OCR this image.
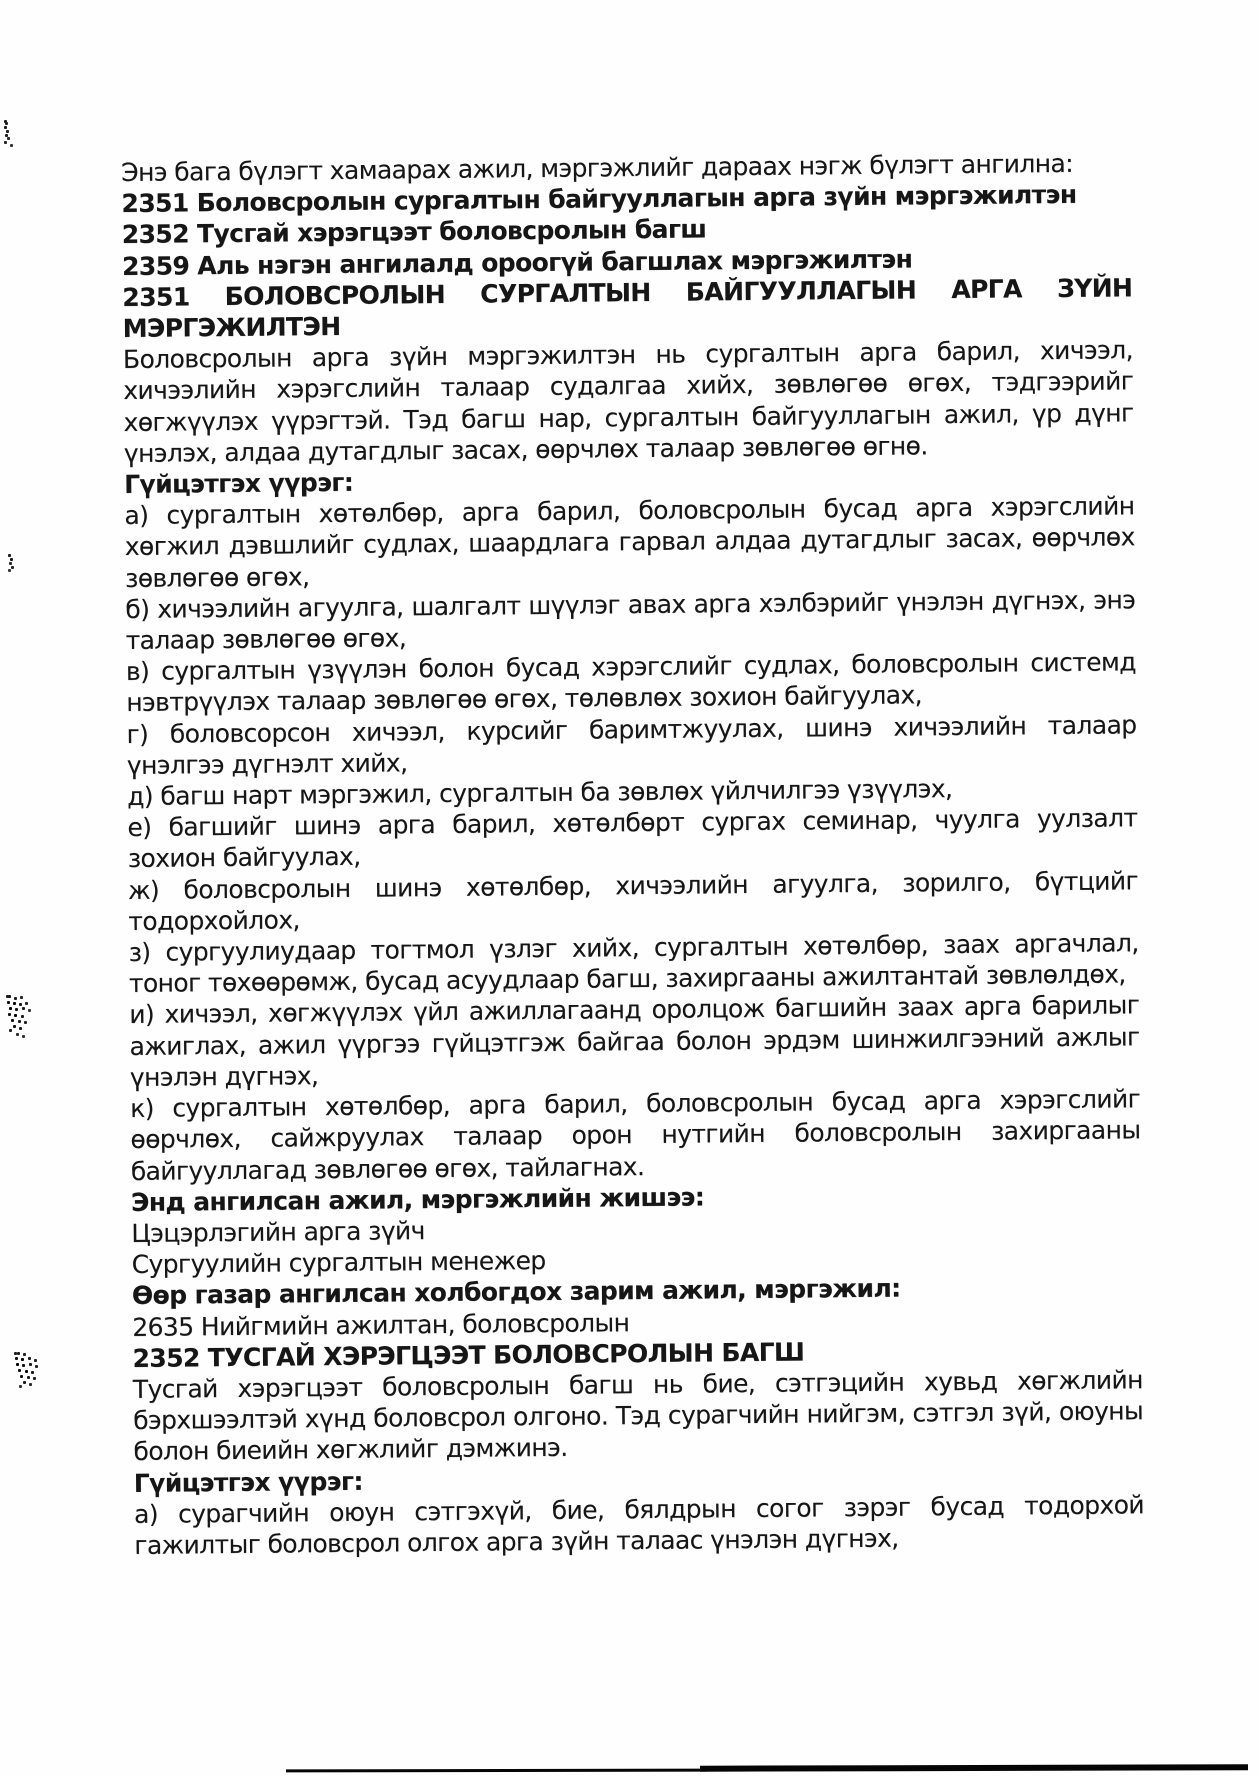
Энэ бага бүлэгт хамаарах ажил, мэргэжлийг дараах нэгж бүлэгт ангилна:

2351 Боловсролын сургалтын байгууллагын арга зүйн мэргэжилтэн

2352 Тусгай хэрэгцээт боловсролын багш

2359 Аль нэгэн ангилалд ороогүй багшлах мэргэжилтэн

2351 БОЛОВСРОЛЫН СУРГАЛТЫН БАЙГУУЛЛАГЫН АРГА ЗҮЙН МЭРГЭЖИЛТЭН

Боловсролын арга зүйн мэргэжилтэн нь сургалтын арга барил, хичээл, хичээлийн хэрэгслийн талаар судалгаа хийх, зөвлөгөө өгөх, тэдгээрийг хөгжүүлэх үүрэгтэй. Тэд багш нар, сургалтын байгууллагын ажил, үр дүнг үнэлэх, алдаа дутагдлыг засах, өөрчлөх талаар зөвлөгөө өгнө.

Гүйцэтгэх үүрэг:

а) сургалтын хөтөлбөр, арга барил, боловсролын бусад арга хэрэгслийн хөгжил дэвшлийг судлах, шаардлага гарвал алдаа дутагдлыг засах, өөрчлөх зөвлөгөө өгөх,

б) хичээлийн агуулга, шалгалт шүүлэг авах арга хэлбэрийг үнэлэн дүгнэх, энэ талаар зөвлөгөө өгөх,

в) сургалтын үзүүлэн болон бусад хэрэгслийг судлах, боловсролын системд нэвтрүүлэх талаар зөвлөгөө өгөх, төлөвлөх зохион байгуулах,

г) боловсорсон хичээл, курсийг баримтжуулах, шинэ хичээлийн талаар үнэлгээ дүгнэлт хийх,

д) багш нарт мэргэжил, сургалтын ба зөвлөх үйлчилгээ үзүүлэх,

е) багшийг шинэ арга барил, хөтөлбөрт сургах семинар, чуулга уулзалт зохион байгуулах,

ж) боловсролын шинэ хөтөлбөр, хичээлийн агуулга, зорилго, бүтцийг тодорхойлох,

з) сургуулиудаар тогтмол үзлэг хийх, сургалтын хөтөлбөр, заах аргачлал, тоног төхөөрөмж, бусад асуудлаар багш, захиргааны ажилтантай зөвлөлдөх,

и) хичээл, хөгжүүлэх үйл ажиллагаанд оролцож багшийн заах арга барилыг ажиглах, ажил үүргээ гүйцэтгэж байгаа болон эрдэм шинжилгээний ажлыг үнэлэн дүгнэх,

к) сургалтын хөтөлбөр, арга барил, боловсролын бусад арга хэрэгслийг өөрчлөх, сайжруулах талаар орон нутгийн боловсролын захиргааны байгууллагад зөвлөгөө өгөх, тайлагнах.

Энд ангилсан ажил, мэргэжлийн жишээ:

Цэцэрлэгийн арга зүйч

Сургуулийн сургалтын менежер

Өөр газар ангилсан холбогдох зарим ажил, мэргэжил:

2635 Нийгмийн ажилтан, боловсролын

2352 ТУСГАЙ ХЭРЭГЦЭЭТ БОЛОВСРОЛЫН БАГШ

Тусгай хэрэгцээт боловсролын багш нь бие, сэтгэцийн хувьд хөгжлийн бэрхшээлтэй хүнд боловсрол олгоно. Тэд сурагчийн нийгэм, сэтгэл зүй, оюуны болон биеийн хөгжлийг дэмжинэ.

Гүйцэтгэх үүрэг:

а) сурагчийн оюун сэтгэхүй, бие, бялдрын согог зэрэг бусад тодорхой гажилтыг боловсрол олгох арга зүйн талаас үнэлэн дүгнэх,
